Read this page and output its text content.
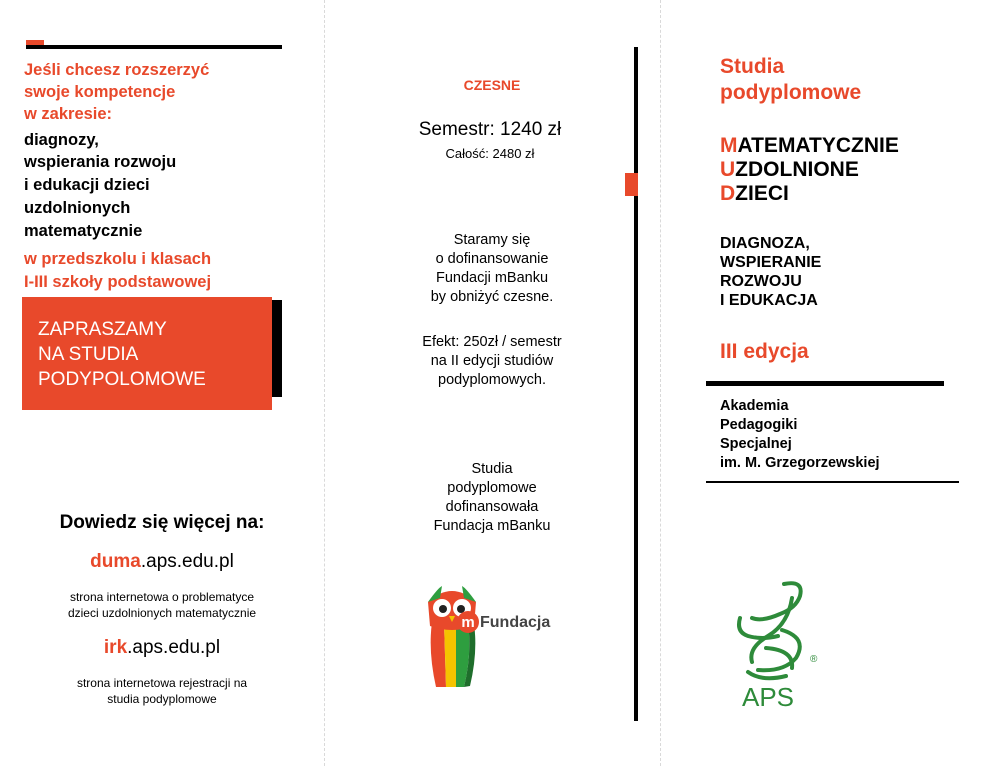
Jeśli chcesz rozszerzyć
swoje kompetencje
w zakresie:
diagnozy,
wspierania rozwoju
i edukacji dzieci
uzdolnionych
matematycznie
w przedszkolu i klasach
I-III szkoły podstawowej
ZAPRASZAMY
NA STUDIA
PODYPOLOMOWE
Dowiedz się więcej na:
duma.aps.edu.pl
strona internetowa o problematyce
dzieci uzdolnionych matematycznie
irk.aps.edu.pl
strona internetowa rejestracji na
studia podyplomowe
CZESNE
Semestr: 1240 zł
Całość: 2480 zł
Staramy się
o dofinansowanie
Fundacji mBanku
by obniżyć czesne.
Efekt: 250zł / semestr
na II edycji studiów
podyplomowych.
Studia
podyplomowe
dofinansowała
Fundacja mBanku
m Fundacja
Studia
podyplomowe
MATEMATYCZNIE
UZDOLNIONE
DZIECI
DIAGNOZA,
WSPIERANIE
ROZWOJU
I EDUKACJA
III edycja
Akademia
Pedagogiki
Specjalnej
im. M. Grzegorzewskiej
®
APS
